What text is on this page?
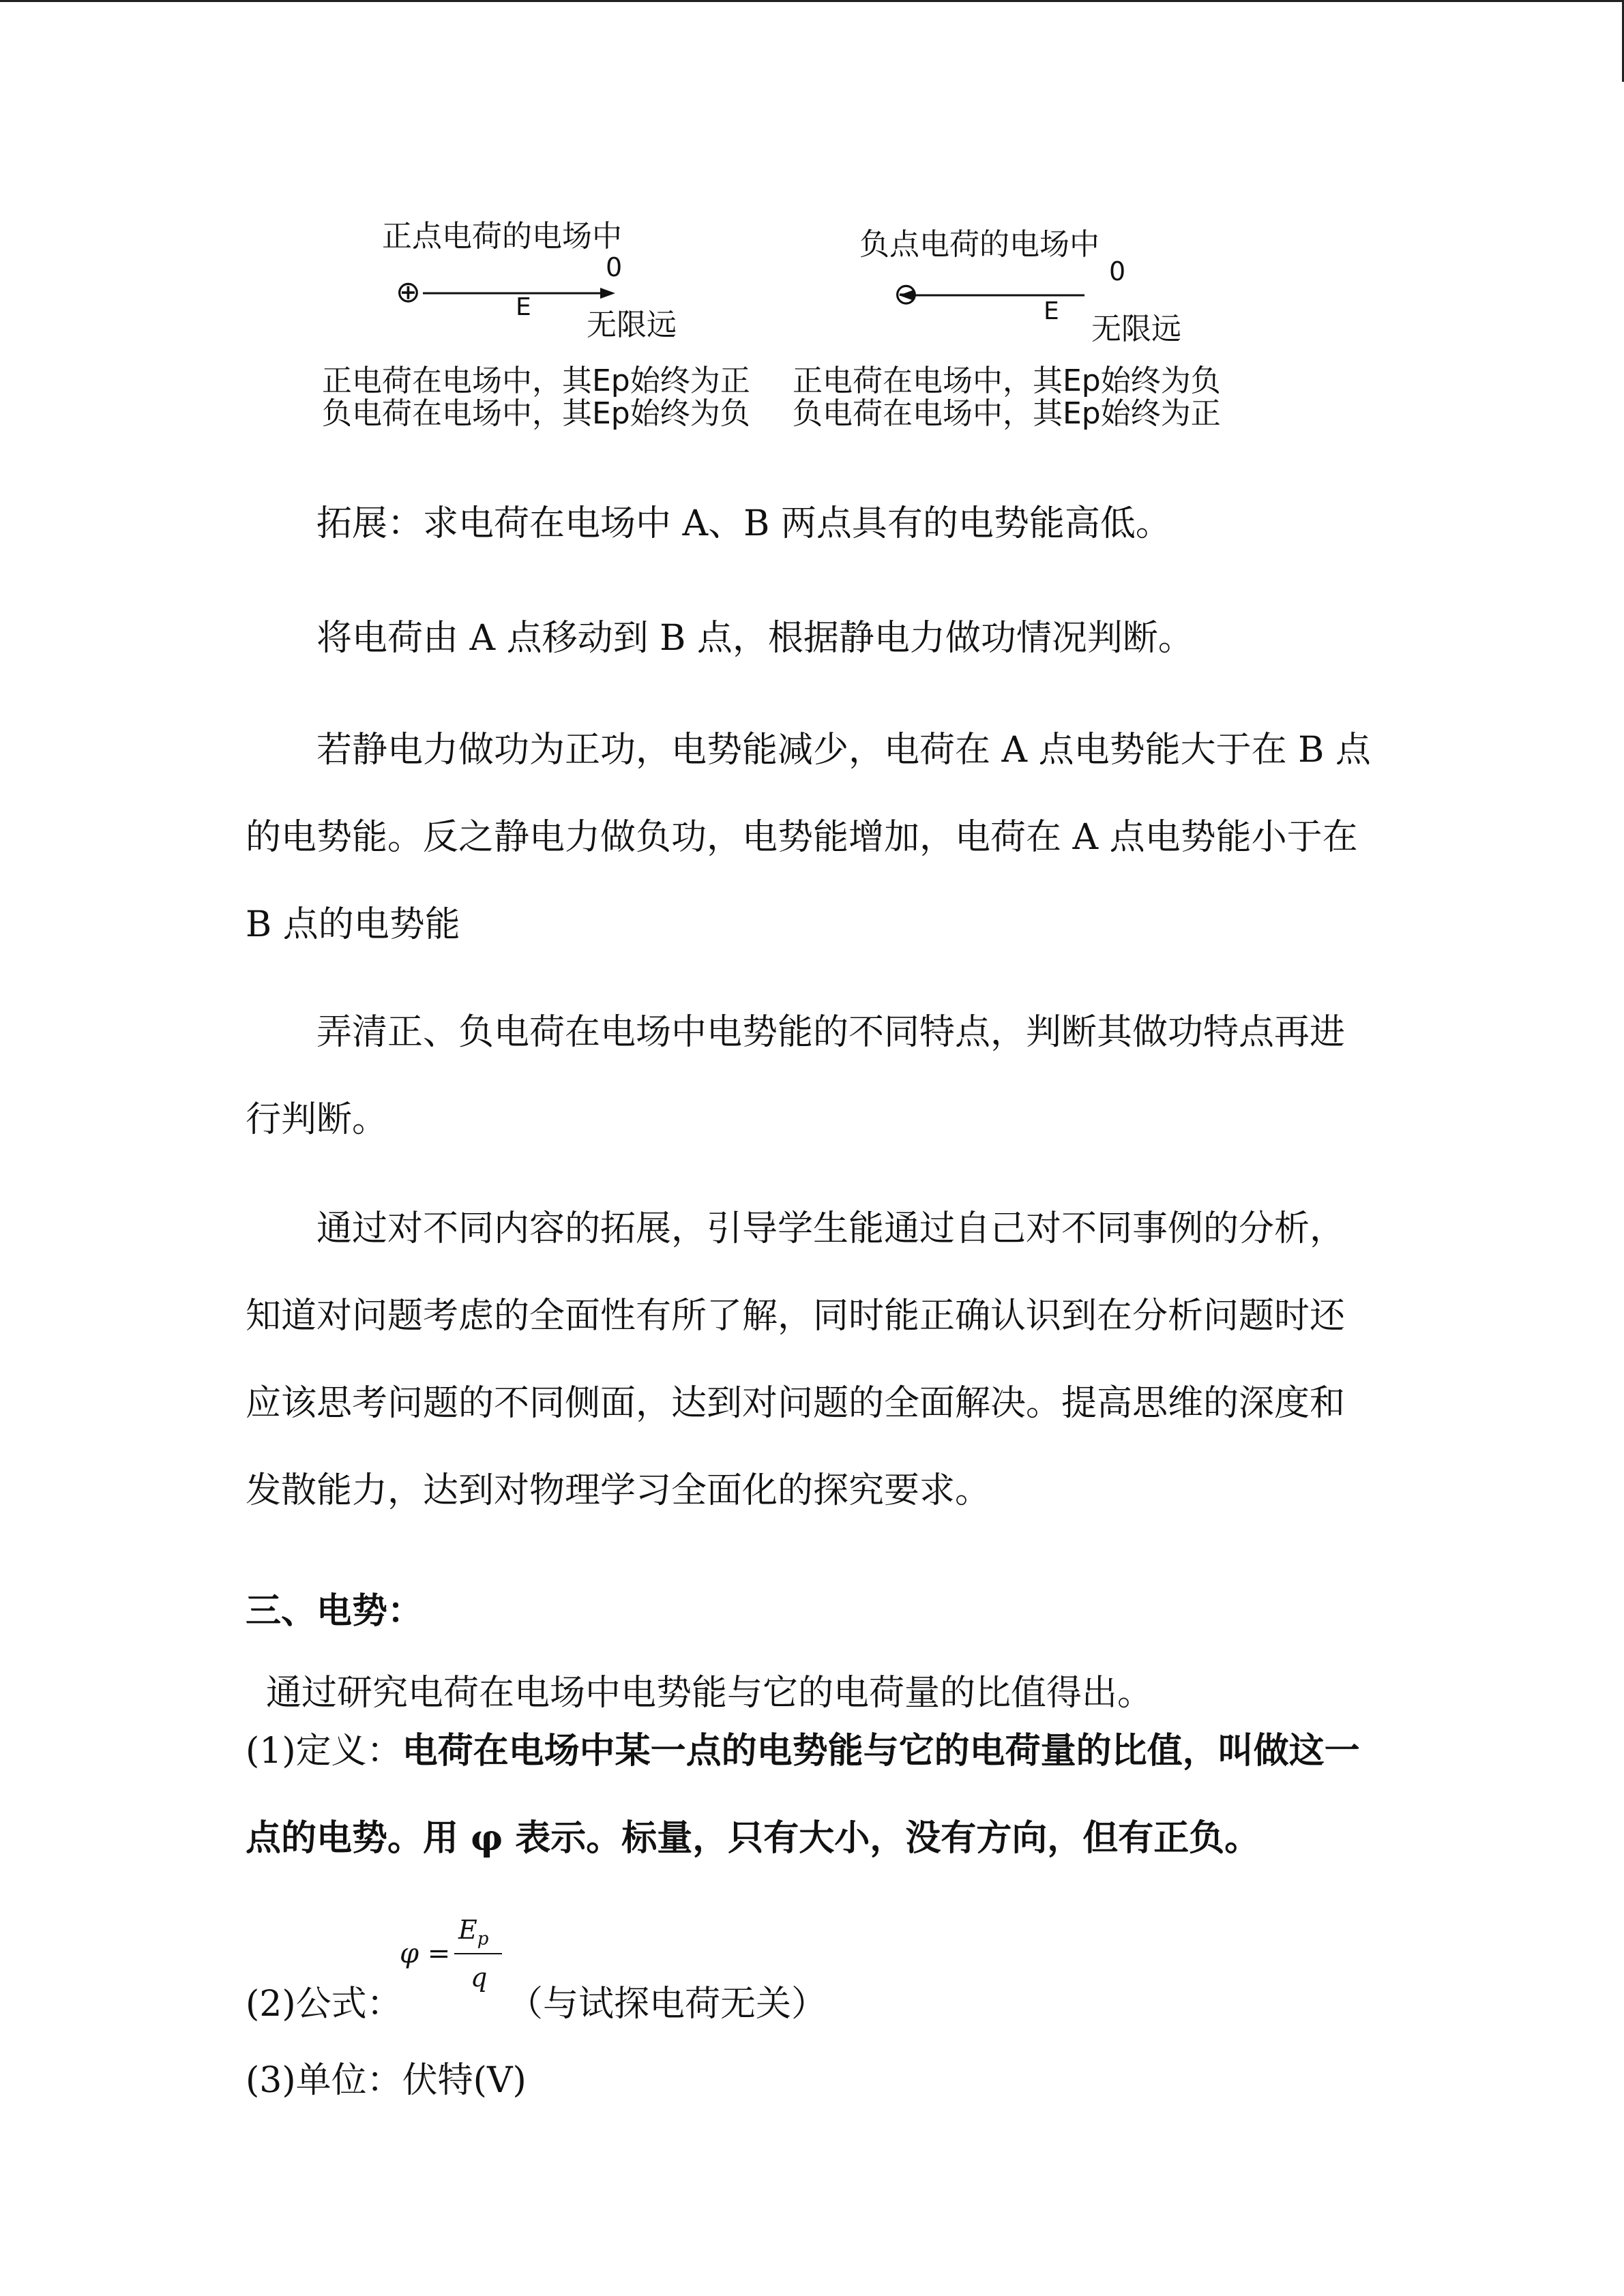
正点电荷的电场中	负点电荷的电场中
⊕	E
0
无限远
⊖	E
0
无限远
正电荷在电场中，其Ep始终为正
负电荷在电场中，其Ep始终为负
正电荷在电场中，其Ep始终为负
负电荷在电场中，其Ep始终为正

拓展：求电荷在电场中 A、B 两点具有的电势能高低。

将电荷由 A 点移动到 B 点，根据静电力做功情况判断。

若静电力做功为正功，电势能减少，电荷在 A 点电势能大于在 B 点的电势能。反之静电力做负功，电势能增加，电荷在 A 点电势能小于在 B 点的电势能

弄清正、负电荷在电场中电势能的不同特点，判断其做功特点再进行判断。

通过对不同内容的拓展，引导学生能通过自己对不同事例的分析，知道对问题考虑的全面性有所了解，同时能正确认识到在分析问题时还应该思考问题的不同侧面，达到对问题的全面解决。提高思维的深度和发散能力，达到对物理学习全面化的探究要求。

三、电势：
通过研究电荷在电场中电势能与它的电荷量的比值得出。

(1)定义：电荷在电场中某一点的电势能与它的电荷量的比值，叫做这一点的电势。用 φ 表示。标量，只有大小，没有方向，但有正负。

(2)公式：
φ =
$E_p$
q
（与试探电荷无关）
(3)单位：伏特(V)
